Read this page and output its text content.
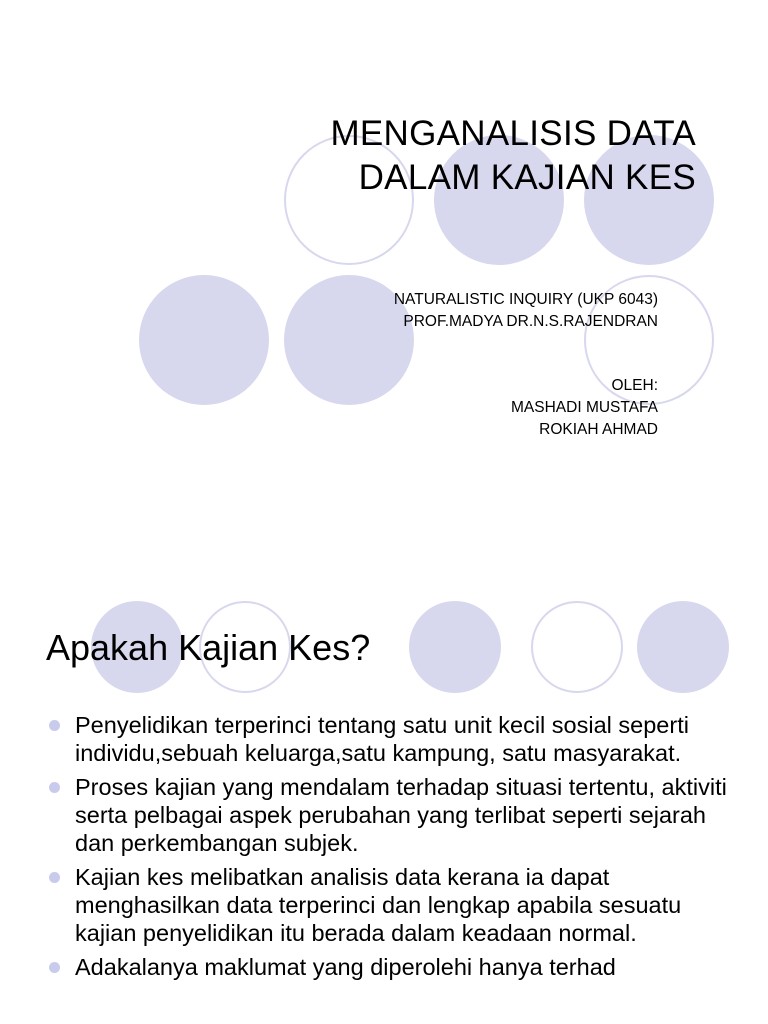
MENGANALISIS DATA
DALAM KAJIAN KES
NATURALISTIC INQUIRY (UKP 6043)
PROF.MADYA DR.N.S.RAJENDRAN
OLEH:
MASHADI MUSTAFA
ROKIAH AHMAD
Apakah Kajian Kes?
Penyelidikan terperinci tentang satu unit kecil sosial seperti individu,sebuah keluarga,satu kampung, satu masyarakat.
Proses kajian yang mendalam terhadap situasi tertentu, aktiviti serta pelbagai aspek perubahan yang terlibat seperti sejarah dan perkembangan subjek.
Kajian kes melibatkan analisis data kerana ia dapat menghasilkan data terperinci dan lengkap apabila sesuatu kajian penyelidikan itu berada dalam keadaan normal.
Adakalanya maklumat yang diperolehi hanya terhad
